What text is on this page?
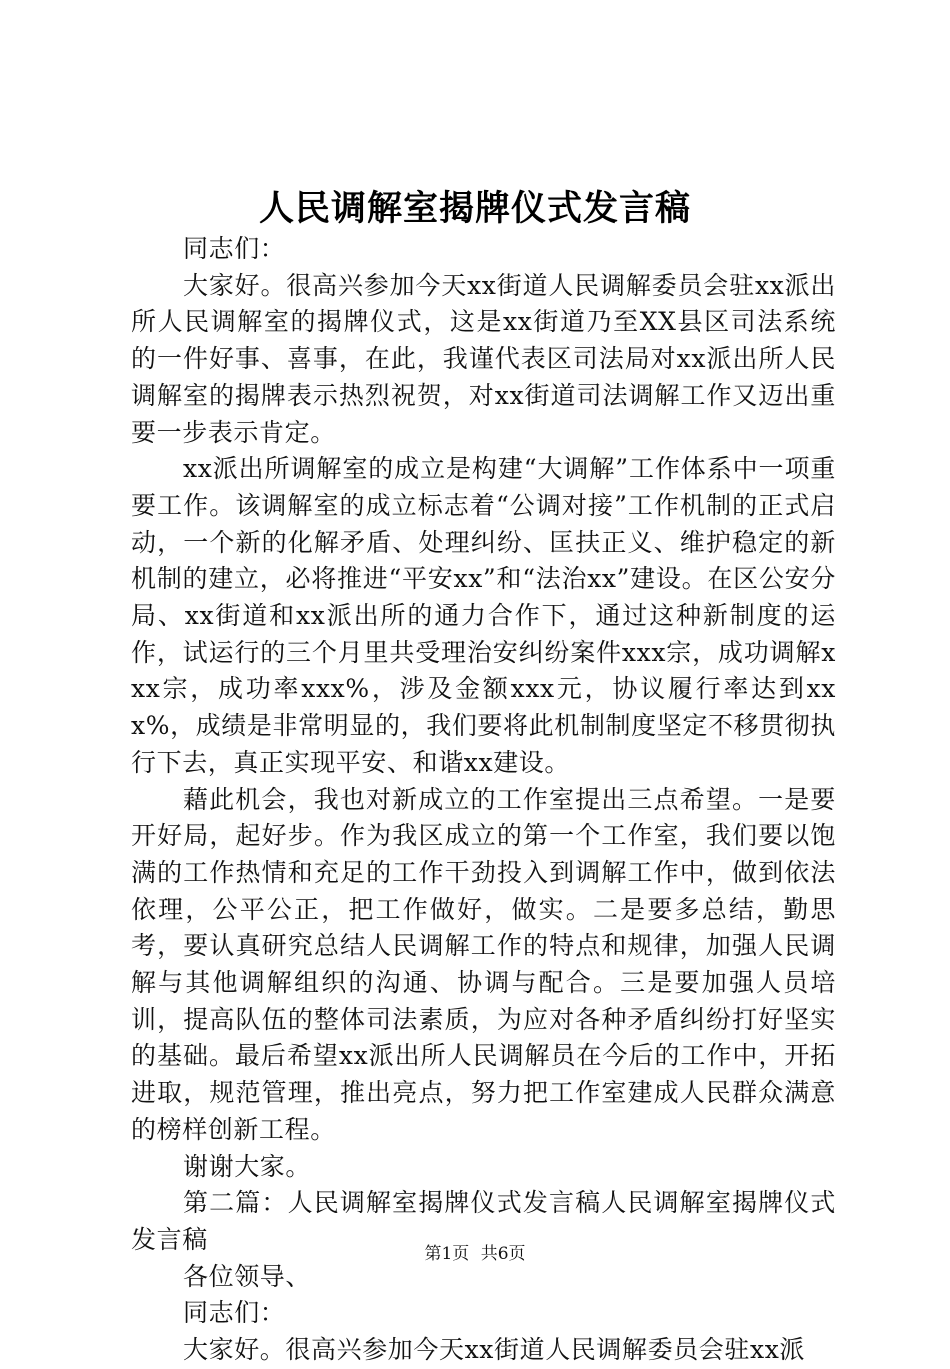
人民调解室揭牌仪式发言稿

同志们：

大家好。很高兴参加今天xx街道人民调解委员会驻xx派出所人民调解室的揭牌仪式，这是xx街道乃至XX县区司法系统的一件好事、喜事，在此，我谨代表区司法局对xx派出所人民调解室的揭牌表示热烈祝贺，对xx街道司法调解工作又迈出重要一步表示肯定。

xx派出所调解室的成立是构建“大调解”工作体系中一项重要工作。该调解室的成立标志着“公调对接”工作机制的正式启动，一个新的化解矛盾、处理纠纷、匡扶正义、维护稳定的新机制的建立，必将推进“平安xx”和“法治xx”建设。在区公安分局、xx街道和xx派出所的通力合作下，通过这种新制度的运作，试运行的三个月里共受理治安纠纷案件xxx宗，成功调解xxx宗，成功率xxx%，涉及金额xxx元，协议履行率达到xxx%，成绩是非常明显的，我们要将此机制制度坚定不移贯彻执行下去，真正实现平安、和谐xx建设。

藉此机会，我也对新成立的工作室提出三点希望。一是要开好局，起好步。作为我区成立的第一个工作室，我们要以饱满的工作热情和充足的工作干劲投入到调解工作中，做到依法依理，公平公正，把工作做好，做实。二是要多总结，勤思考，要认真研究总结人民调解工作的特点和规律，加强人民调解与其他调解组织的沟通、协调与配合。三是要加强人员培训，提高队伍的整体司法素质，为应对各种矛盾纠纷打好坚实的基础。最后希望xx派出所人民调解员在今后的工作中，开拓进取，规范管理，推出亮点，努力把工作室建成人民群众满意的榜样创新工程。

谢谢大家。

第二篇：人民调解室揭牌仪式发言稿人民调解室揭牌仪式发言稿

各位领导、

同志们：

大家好。很高兴参加今天xx街道人民调解委员会驻xx派

第1页 共6页
